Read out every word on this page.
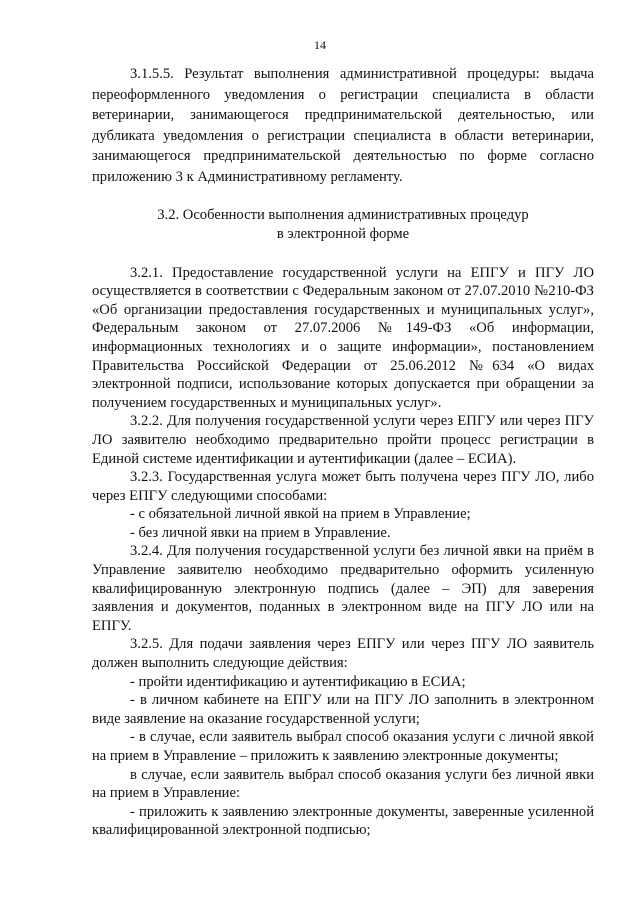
14

3.1.5.5. Результат выполнения административной процедуры: выдача переоформленного уведомления о регистрации специалиста в области ветеринарии, занимающегося предпринимательской деятельностью, или дубликата уведомления о регистрации специалиста в области ветеринарии, занимающегося предпринимательской деятельностью по форме согласно приложению 3 к Административному регламенту.

3.2. Особенности выполнения административных процедур

в электронной форме

3.2.1. Предоставление государственной услуги на ЕПГУ и ПГУ ЛО осуществляется в соответствии с Федеральным законом от 27.07.2010 №210-ФЗ «Об организации предоставления государственных и муниципальных услуг», Федеральным законом от 27.07.2006 №149-ФЗ «Об информации, информационных технологиях и о защите информации», постановлением Правительства Российской Федерации от 25.06.2012 №634 «О видах электронной подписи, использование которых допускается при обращении за получением государственных и муниципальных услуг».

3.2.2. Для получения государственной услуги через ЕПГУ или через ПГУ ЛО заявителю необходимо предварительно пройти процесс регистрации в Единой системе идентификации и аутентификации (далее – ЕСИА).

3.2.3. Государственная услуга может быть получена через ПГУ ЛО, либо через ЕПГУ следующими способами:

- с обязательной личной явкой на прием в Управление;

- без личной явки на прием в Управление.

3.2.4. Для получения государственной услуги без личной явки на приём в Управление заявителю необходимо предварительно оформить усиленную квалифицированную электронную подпись (далее – ЭП) для заверения заявления и документов, поданных в электронном виде на ПГУ ЛО или на ЕПГУ.

3.2.5. Для подачи заявления через ЕПГУ или через ПГУ ЛО заявитель должен выполнить следующие действия:

- пройти идентификацию и аутентификацию в ЕСИА;

- в личном кабинете на ЕПГУ или на ПГУ ЛО заполнить в электронном виде заявление на оказание государственной услуги;

- в случае, если заявитель выбрал способ оказания услуги с личной явкой на прием в Управление – приложить к заявлению электронные документы;

в случае, если заявитель выбрал способ оказания услуги без личной явки на прием в Управление:

- приложить к заявлению электронные документы, заверенные усиленной квалифицированной электронной подписью;
